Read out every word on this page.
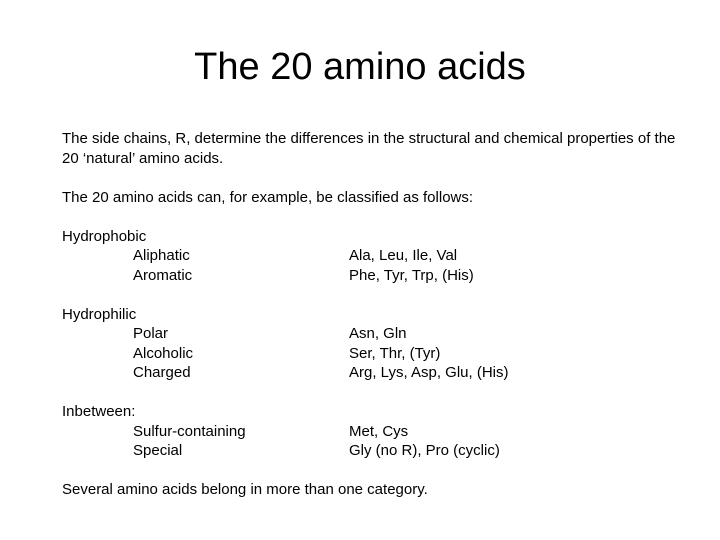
The 20 amino acids

The side chains, R, determine the differences in the structural and chemical properties of the 20 ‘natural’ amino acids.

The 20 amino acids can, for example, be classified as follows:

Hydrophobic
Aliphatic	Ala, Leu, Ile, Val
Aromatic	Phe, Tyr, Trp, (His)
Hydrophilic
Polar	Asn, Gln
Alcoholic	Ser, Thr, (Tyr)
Charged	Arg, Lys, Asp, Glu, (His)
Inbetween:
Sulfur-containing	Met, Cys
Special	Gly (no R), Pro (cyclic)

Several amino acids belong in more than one category.
